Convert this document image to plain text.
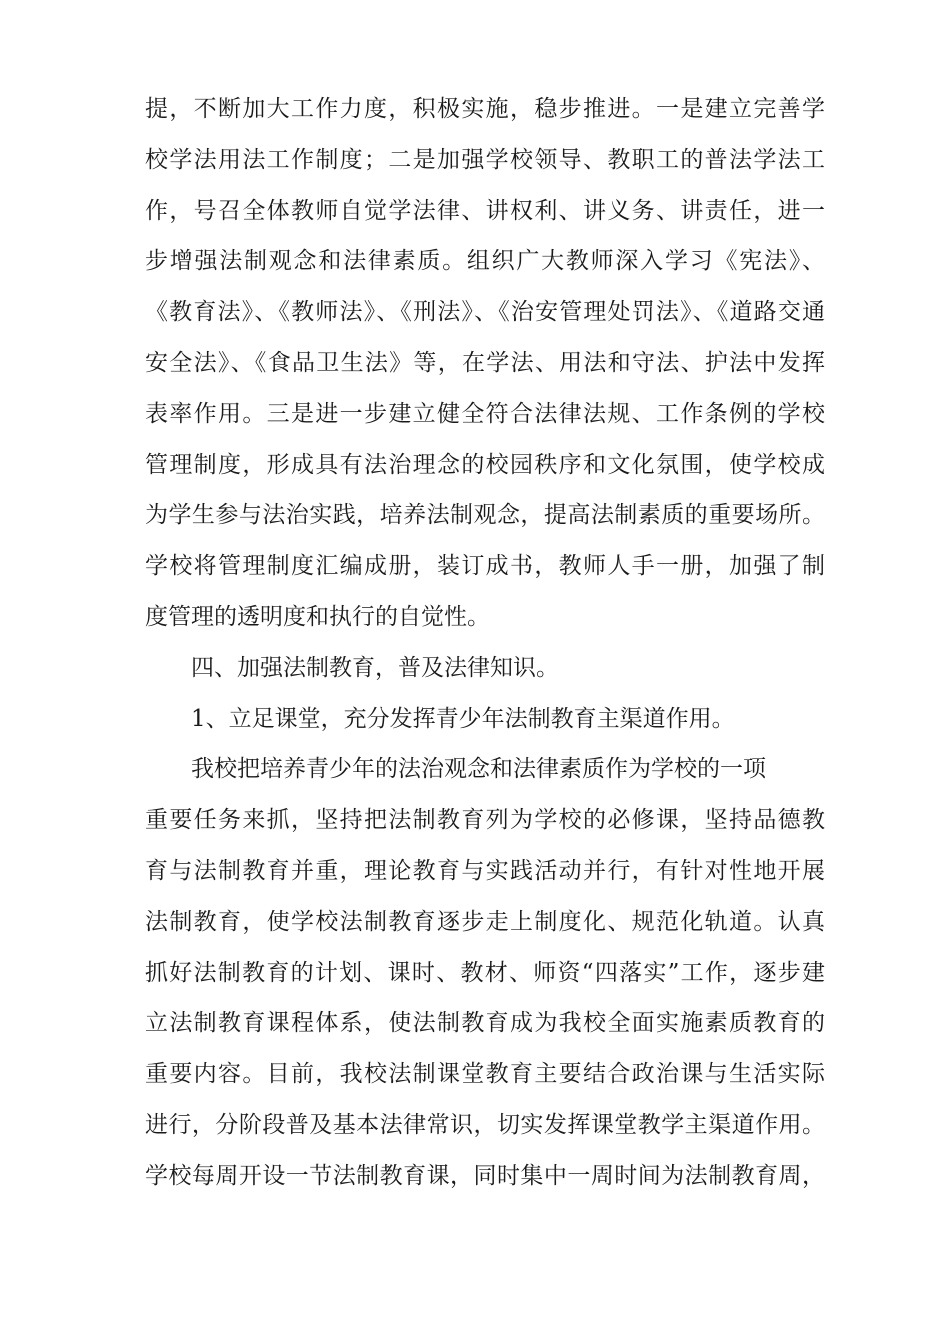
提，不断加大工作力度，积极实施，稳步推进。一是建立完善学
校学法用法工作制度；二是加强学校领导、教职工的普法学法工
作，号召全体教师自觉学法律、讲权利、讲义务、讲责任，进一
步增强法制观念和法律素质。组织广大教师深入学习《宪法》、
《教育法》、《教师法》、《刑法》、《治安管理处罚法》、《道路交通
安全法》、《食品卫生法》等，在学法、用法和守法、护法中发挥
表率作用。三是进一步建立健全符合法律法规、工作条例的学校
管理制度，形成具有法治理念的校园秩序和文化氛围，使学校成
为学生参与法治实践，培养法制观念，提高法制素质的重要场所。
学校将管理制度汇编成册，装订成书，教师人手一册，加强了制
度管理的透明度和执行的自觉性。
四、加强法制教育，普及法律知识。
1、立足课堂，充分发挥青少年法制教育主渠道作用。
我校把培养青少年的法治观念和法律素质作为学校的一项
重要任务来抓，坚持把法制教育列为学校的必修课，坚持品德教
育与法制教育并重，理论教育与实践活动并行，有针对性地开展
法制教育，使学校法制教育逐步走上制度化、规范化轨道。认真
抓好法制教育的计划、课时、教材、师资“四落实”工作，逐步建
立法制教育课程体系，使法制教育成为我校全面实施素质教育的
重要内容。目前，我校法制课堂教育主要结合政治课与生活实际
进行，分阶段普及基本法律常识，切实发挥课堂教学主渠道作用。
学校每周开设一节法制教育课，同时集中一周时间为法制教育周，
